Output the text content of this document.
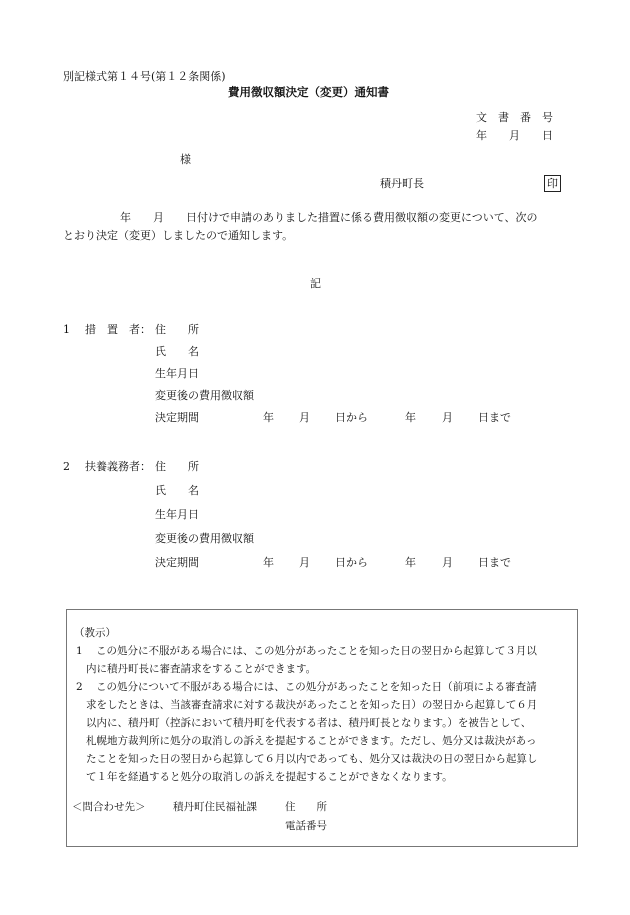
別記様式第１４号(第１２条関係)
費用徴収額決定（変更）通知書
文　書　番　号
年　　月　　日
様
積丹町長	印
年　　月　　日付けで申請のありました措置に係る費用徴収額の変更について、次の
とおり決定（変更）しましたので通知します。
記
1 措　置　者： 住　　所
氏　　名
生年月日
変更後の費用徴収額
決定期間	年 月 日から	年 月 日まで
2 扶養義務者： 住　　所
氏　　名
生年月日
変更後の費用徴収額
決定期間	年 月 日から	年 月 日まで
（教示）
1 この処分に不服がある場合には、この処分があったことを知った日の翌日から起算して３月以
内に積丹町長に審査請求をすることができます。
2 この処分について不服がある場合には、この処分があったことを知った日（前項による審査請
求をしたときは、当該審査請求に対する裁決があったことを知った日）の翌日から起算して６月
以内に、積丹町（控訴において積丹町を代表する者は、積丹町長となります。）を被告として、
札幌地方裁判所に処分の取消しの訴えを提起することができます。ただし、処分又は裁決があっ
たことを知った日の翌日から起算して６月以内であっても、処分又は裁決の日の翌日から起算し
て１年を経過すると処分の取消しの訴えを提起することができなくなります。
＜問合わせ先＞	積丹町住民福祉課	住　　所
電話番号
